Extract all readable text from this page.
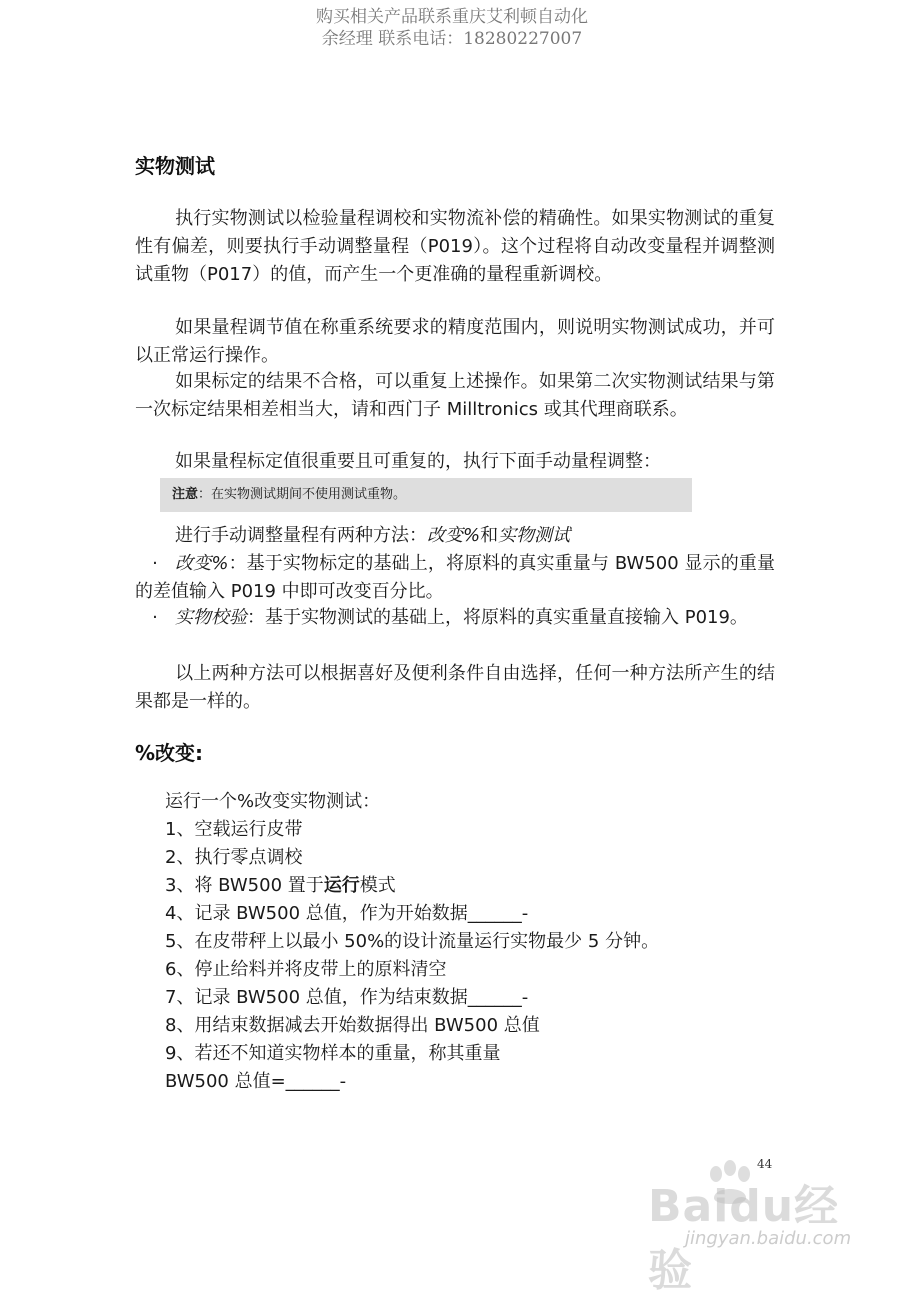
购买相关产品联系重庆艾利顿自动化
余经理 联系电话：18280227007
实物测试
执行实物测试以检验量程调校和实物流补偿的精确性。如果实物测试的重复性有偏差，则要执行手动调整量程（P019）。这个过程将自动改变量程并调整测试重物（P017）的值，而产生一个更准确的量程重新调校。
如果量程调节值在称重系统要求的精度范围内，则说明实物测试成功，并可以正常运行操作。
如果标定的结果不合格，可以重复上述操作。如果第二次实物测试结果与第一次标定结果相差相当大，请和西门子 Milltronics 或其代理商联系。
如果量程标定值很重要且可重复的，执行下面手动量程调整：
注意：在实物测试期间不使用测试重物。
进行手动调整量程有两种方法：改变%和实物测试
· 改变%：基于实物标定的基础上，将原料的真实重量与 BW500 显示的重量的差值输入 P019 中即可改变百分比。
· 实物校验：基于实物测试的基础上，将原料的真实重量直接输入 P019。
以上两种方法可以根据喜好及便利条件自由选择，任何一种方法所产生的结果都是一样的。
%改变:
运行一个%改变实物测试：
1、空载运行皮带
2、执行零点调校
3、将 BW500 置于运行模式
4、记录 BW500 总值，作为开始数据______-
5、在皮带秤上以最小 50%的设计流量运行实物最少 5 分钟。
6、停止给料并将皮带上的原料清空
7、记录 BW500 总值，作为结束数据______-
8、用结束数据减去开始数据得出 BW500 总值
9、若还不知道实物样本的重量，称其重量
BW500 总值=______-
44
Baidu经验
jingyan.baidu.com
